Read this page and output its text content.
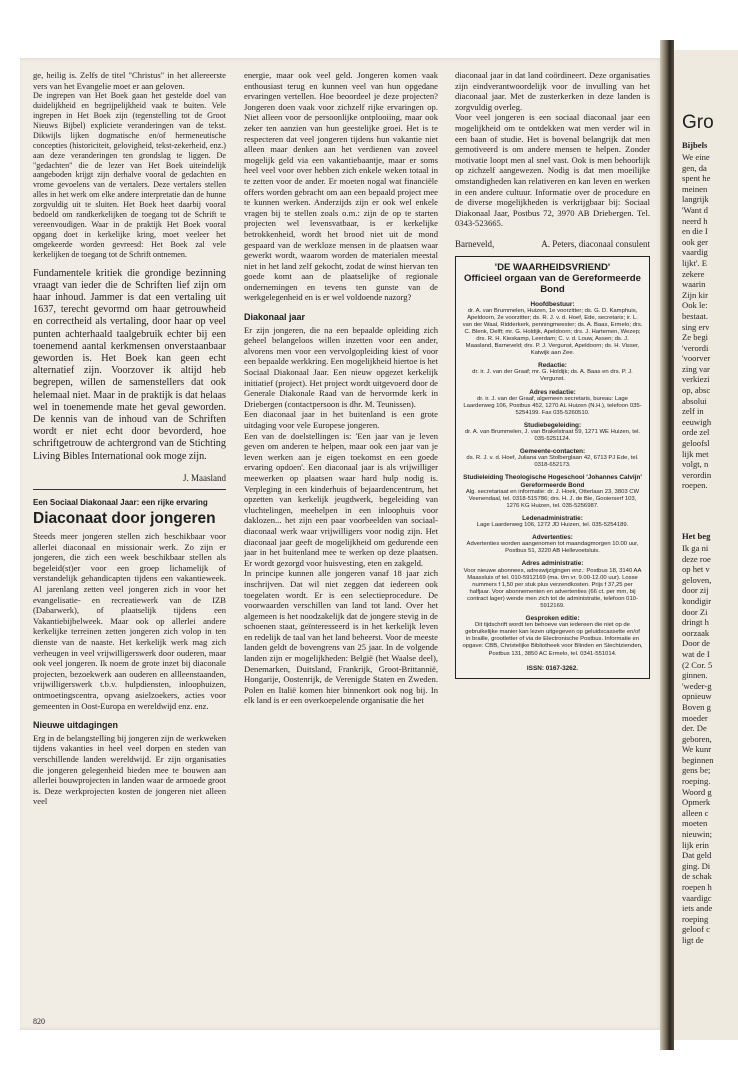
ge, heilig is. Zelfs de titel "Christus" in het allereerste vers van het Evangelie moet er aan geloven.

De ingrepen van Het Boek gaan het gestelde doel van duidelijkheid en begrijpelijkheid vaak te buiten. Vele ingrepen in Het Boek zijn (tegenstelling tot de Groot Nieuws Bijbel) expliciete veranderingen van de tekst. Dikwijls lijken dogmatische en/of hermeneutische concepties (historiciteit, gelovigheid, tekst-zekerheid, enz.) aan deze veranderingen ten grondslag te liggen. De "gedachten" die de lezer van Het Boek uiteindelijk aangeboden krijgt zijn derhalve vooral de gedachten en vrome gevoelens van de vertalers. Deze vertalers stellen alles in het werk om elke andere interpretatie dan de hunne zorgvuldig uit te sluiten. Het Boek heet daarbij vooral bedoeld om randkerkelijken de toegang tot de Schrift te vereenvoudigen. Waar in de praktijk Het Boek vooral opgang doet in kerkelijke kring, moet veeleer het omgekeerde worden gevreesd: Het Boek zal vele kerkelijken de toegang tot de Schrift ontnemen.

Fundamentele kritiek die grondige bezinning vraagt van ieder die de Schriften lief zijn om haar inhoud. Jammer is dat een vertaling uit 1637, terecht gevormd om haar getrouwheid en correctheid als vertaling, door haar op veel punten achterhaald taalgebruik echter bij een toenemend aantal kerkmensen onverstaanbaar geworden is. Het Boek kan geen echt alternatief zijn. Voorzover ik altijd heb begrepen, willen de samenstellers dat ook helemaal niet. Maar in de praktijk is dat helaas wel in toenemende mate het geval geworden. De kennis van de inhoud van de Schriften wordt er niet echt door bevorderd, hoe schriftgetrouw de achtergrond van de Stichting Living Bibles International ook moge zijn.

J. Maasland

Een Sociaal Diakonaal Jaar: een rijke ervaring
Diaconaat door jongeren

Steeds meer jongeren stellen zich beschikbaar voor allerlei diaconaal en missionair werk. Zo zijn er jongeren, die zich een week beschikbaar stellen als begeleid(st)er voor een groep lichamelijk of verstandelijk gehandicapten tijdens een vakantieweek. Al jarenlang zetten veel jongeren zich in voor het evangelisatie- en recreatiewerk van de IZB (Dabarwerk), of plaatselijk tijdens een Vakantiebijbelweek. Maar ook op allerlei andere kerkelijke terreinen zetten jongeren zich volop in ten dienste van de naaste. Het kerkelijk werk mag zich verheugen in veel vrijwilligerswerk door ouderen, maar ook veel jongeren. Ik noem de grote inzet bij diaconale projecten, bezoekwerk aan ouderen en allleenstaanden, vrijwilligerswerk t.b.v. hulpdiensten, inloophuizen, ontmoetingscentra, opvang asielzoekers, acties voor gemeenten in Oost-Europa en wereldwijd enz. enz.

Nieuwe uitdagingen

Erg in de belangstelling bij jongeren zijn de werkweken tijdens vakanties in heel veel dorpen en steden van verschillende landen wereldwijd. Er zijn organisaties die jongeren gelegenheid bieden mee te bouwen aan allerlei bouwprojecten in landen waar de armoede groot is. Deze werkprojecten kosten de jongeren niet alleen veel

energie, maar ook veel geld. Jongeren komen vaak enthousiast terug en kunnen veel van hun opgedane ervaringen vertellen. Hoe beoordeel je deze projecten? Jongeren doen vaak voor zichzelf rijke ervaringen op. Niet alleen voor de persoonlijke ontplooiing, maar ook zeker ten aanzien van hun geestelijke groei. Het is te respecteren dat veel jongeren tijdens hun vakantie niet alleen maar denken aan het verdienen van zoveel mogelijk geld via een vakantiebaantje, maar er soms heel veel voor over hebben zich enkele weken totaal in te zetten voor de ander. Er moeten nogal wat financiële offers worden gebracht om aan een bepaald project mee te kunnen werken. Anderzijds zijn er ook wel enkele vragen bij te stellen zoals o.m.: zijn de op te starten projecten wel levensvatbaar, is er kerkelijke betrokkenheid, wordt het brood niet uit de mond gespaard van de werkloze mensen in de plaatsen waar gewerkt wordt, waarom worden de materialen meestal niet in het land zelf gekocht, zodat de winst hiervan ten goede komt aan de plaatselijke of regionale ondernemingen en tevens ten gunste van de werkgelegenheid en is er wel voldoende nazorg?

Diakonaal jaar

Er zijn jongeren, die na een bepaalde opleiding zich geheel belangeloos willen inzetten voor een ander, alvorens men voor een vervolgopleiding kiest of voor een bepaalde werkkring. Een mogelijkheid hiertoe is het Sociaal Diakonaal Jaar. Een nieuw opgezet kerkelijk initiatief (project). Het project wordt uitgevoerd door de Generale Diakonale Raad van de hervormde kerk in Driebergen (contactpersoon is dhr. M. Teunissen).

Een diaconaal jaar in het buitenland is een grote uitdaging voor vele Europese jongeren.

Een van de doelstellingen is: 'Een jaar van je leven geven om anderen te helpen, maar ook een jaar van je leven werken aan je eigen toekomst en een goede ervaring opdoen'. Een diaconaal jaar is als vrijwilliger meewerken op plaatsen waar hard hulp nodig is. Verpleging in een kinderhuis of bejaardencentrum, het opzetten van kerkelijk jeugdwerk, begeleiding van vluchtelingen, meehelpen in een inloophuis voor daklozen... het zijn een paar voorbeelden van sociaal-diaconaal werk waar vrijwilligers voor nodig zijn. Het diaconaal jaar geeft de mogelijkheid om gedurende een jaar in het buitenland mee te werken op deze plaatsen. Er wordt gezorgd voor huisvesting, eten en zakgeld.

In principe kunnen alle jongeren vanaf 18 jaar zich inschrijven. Dat wil niet zeggen dat iedereen ook toegelaten wordt. Er is een selectieprocedure. De voorwaarden verschillen van land tot land. Over het algemeen is het noodzakelijk dat de jongere stevig in de schoenen staat, geïnteresseerd is in het kerkelijk leven en redelijk de taal van het land beheerst. Voor de meeste landen geldt de bovengrens van 25 jaar. In de volgende landen zijn er mogelijkheden: België (het Waalse deel), Denemarken, Duitsland, Frankrijk, Groot-Brittannië, Hongarije, Oostenrijk, de Verenigde Staten en Zweden. Polen en Italië komen hier binnenkort ook nog bij. In elk land is er een overkoepelende organisatie die het

diaconaal jaar in dat land coördineert. Deze organisaties zijn eindverantwoordelijk voor de invulling van het diaconaal jaar. Met de zusterkerken in deze landen is zorgvuldig overleg.

Voor veel jongeren is een sociaal diaconaal jaar een mogelijkheid om te ontdekken wat men verder wil in een baan of studie. Het is bovenal belangrijk dat men gemotiveerd is om andere mensen te helpen. Zonder motivatie loopt men al snel vast. Ook is men behoorlijk op zichzelf aangewezen. Nodig is dat men moeilijke omstandigheden kan relativeren en kan leven en werken in een andere cultuur. Informatie over de procedure en de diverse mogelijkheden is verkrijgbaar bij: Sociaal Diakonaal Jaar, Postbus 72, 3970 AB Driebergen. Tel. 0343-523665.

Barneveld,	A. Peters, diaconaal consulent
'DE WAARHEIDSVRIEND'
Officieel orgaan van de Gereformeerde Bond
Hoofdbestuur:
dr. A. van Brummelen, Huizen, 1e voorzitter; ds. G. D. Kamphuis, Apeldoorn, 2e voorzitter; ds. R. J. v. d. Hoef, Ede, secretaris; ir. L. van der Waal, Ridderkerk, penningmeester; ds. A. Baas, Ermelo; drs. C. Blenk, Delft; mr. G. Holdijk, Apeldoorn; drs. J. Hartemen, Wezep; drs. R. H. Kieskamp, Leerdam; C. v. d. Louw, Assen; ds. J. Maasland, Barneveld; drs. P. J. Vergunst, Apeldoorn; ds. H. Visser, Katwijk aan Zee.
Redactie:
dr. ir. J. van der Graaf; mr. G. Holdijk; ds. A. Baas en drs. P. J. Vergunst.
Adres redactie:
dr. ir. J. van der Graaf, algemeen secretaris, bureau: Lage Laarderweg 106, Postbus 452, 1270 AL Huizen (N.H.), telefoon 035-5254199. Fax 035-5260510.
Studiebegeleiding:
dr. A. van Brummelen, J. van Brakelstraat 59, 1271 WE Huizen, tel. 035-5251124.
Gemeente-contacten:
ds. R. J. v. d. Hoef, Juliana van Stolberglaan 42, 6713 PJ Ede, tel. 0318-652173.
Studieleiding Theologische Hogeschool 'Johannes Calvijn' Gereformeerde Bond
Alg. secretariaat en informatie: dr. J. Hoek, Otterlaan 23, 3803 CW Veenendaal, tel. 0318-515786; drs. H. J. de Bie, Gooierserf 103, 1276 KG Huizen, tel. 035-5256987.
Ledenadministratie:
Lage Laarderweg 106, 1272 JD Huizen, tel. 035-5254189.
Advertenties:
Advertenties worden aangenomen tot maandagmorgen 10.00 uur, Postbus 51, 3220 AB Hellevoetsluis.
Adres administratie:
Voor nieuwe abonnees, adreswijzigingen enz.: Postbus 18, 3140 AA Maassluis of tel. 010-5912169 (ma. t/m vr. 9.00-12.00 uur). Losse nummers f 1,50 per stuk plus verzendkosten. Prijs f 37,25 per halfjaar. Voor abonnementen en advertenties (66 ct. per mm, bij contract lager) wende men zich tot de administratie, telefoon 010-5912169.
Gesproken editie:
Dit tijdschrift wordt ten behoeve van iedereen die niet op de gebruikelijke manier kan lezen uitgegeven op geluidscassette en/of in braille, grootletter of via de Electronische Postbus. Informatie en opgave: CBB, Christelijke Bibliotheek voor Blinden en Slechtzienden, Postbus 131, 3850 AC Ermelo, tel. 0341-551014.
ISSN: 0167-3262.
820
Gro
Bijbels
We eine
gen, da
spent he
meinen
langrijk
'Want d
neerd h
en die I
ook ger
vaardig
lijkt'. E
zekere
waarin
Zijn kir
Ook le:
bestaat.
sing erv
Ze begi
'verordi
'voorver
zing var
verkiezi
op, absc
absolui
zelf in
eeuwigh
orde zel
geloofsl
lijk met
volgt, n
verordin
roepen.
Het beg
Ik ga ni
deze roe
op het v
geloven,
door zij
kondigir
door Zi
dringt h
oorzaak
Door de
wat de I
(2 Cor. 5
ginnen.
'weder-g
opnieuw
Boven g
moeder
der. De
geboren,
We kunr
beginnen
gens be;
roeping.
Woord g
Opmerk
alleen c
moeten
nieuwin;
lijk erin
Dat geld
ging. Di
de schak
roepen h
vaardigc
iets ande
roeping
geloof c
ligt de
